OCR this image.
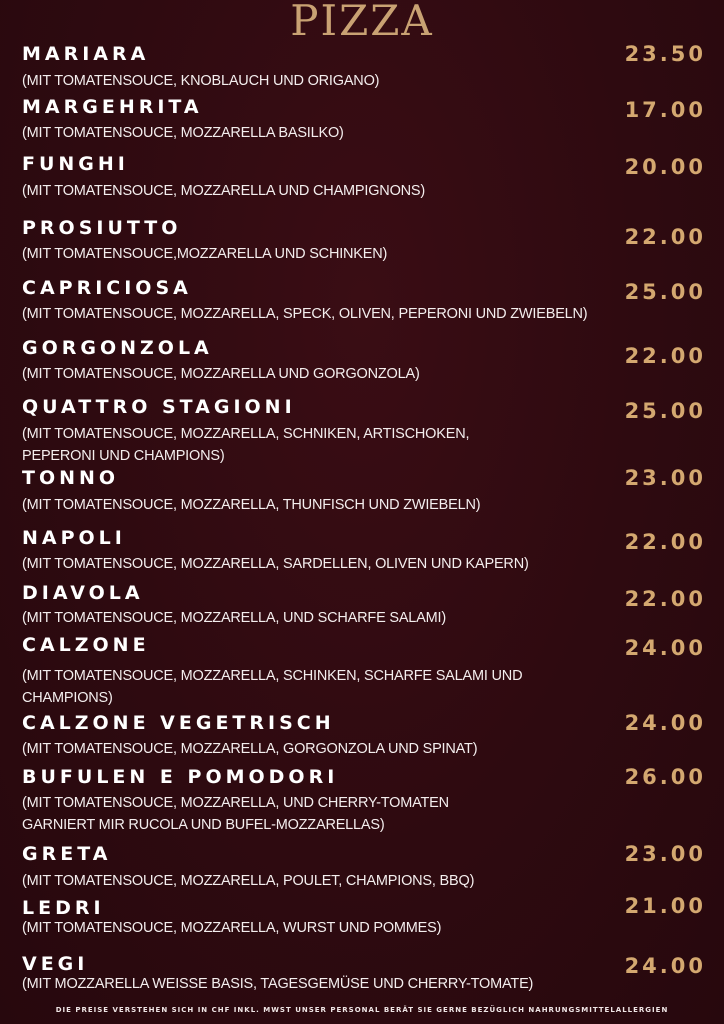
PIZZA
MARIARA
(MIT TOMATENSOUCE, KNOBLAUCH UND ORIGANO)
23.50
MARGEHRITA
(MIT TOMATENSOUCE, MOZZARELLA BASILKO)
17.00
FUNGHI
(MIT TOMATENSOUCE, MOZZARELLA UND CHAMPIGNONS)
20.00
PROSIUTTO
(MIT TOMATENSOUCE,MOZZARELLA UND SCHINKEN)
22.00
CAPRICIOSA
(MIT TOMATENSOUCE, MOZZARELLA, SPECK, OLIVEN, PEPERONI UND ZWIEBELN)
25.00
GORGONZOLA
(MIT TOMATENSOUCE, MOZZARELLA UND GORGONZOLA)
22.00
QUATTRO STAGIONI
(MIT TOMATENSOUCE, MOZZARELLA, SCHNIKEN, ARTISCHOKEN, PEPERONI UND CHAMPIONS)
25.00
TONNO
(MIT TOMATENSOUCE, MOZZARELLA, THUNFISCH UND ZWIEBELN)
23.00
NAPOLI
(MIT TOMATENSOUCE, MOZZARELLA, SARDELLEN, OLIVEN UND KAPERN)
22.00
DIAVOLA
(MIT TOMATENSOUCE, MOZZARELLA, UND SCHARFE SALAMI)
22.00
CALZONE
(MIT TOMATENSOUCE, MOZZARELLA, SCHINKEN, SCHARFE SALAMI UND CHAMPIONS)
24.00
CALZONE VEGETRISCH
(MIT TOMATENSOUCE, MOZZARELLA, GORGONZOLA UND SPINAT)
24.00
BUFULEN E POMODORI
(MIT TOMATENSOUCE, MOZZARELLA, UND CHERRY-TOMATEN GARNIERT MIR RUCOLA UND BUFEL-MOZZARELLAS)
26.00
GRETA
(MIT TOMATENSOUCE, MOZZARELLA, POULET, CHAMPIONS, BBQ)
23.00
LEDRI
(MIT TOMATENSOUCE, MOZZARELLA, WURST UND POMMES)
21.00
VEGI
(MIT MOZZARELLA WEISSE BASIS, TAGESGEMÜSE UND CHERRY-TOMATE)
24.00
DIE PREISE VERSTEHEN SICH IN CHF INKL. MWST UNSER PERSONAL BERÄT SIE GERNE BEZÜGLICH NAHRUNGSMITTELALLERGIEN
